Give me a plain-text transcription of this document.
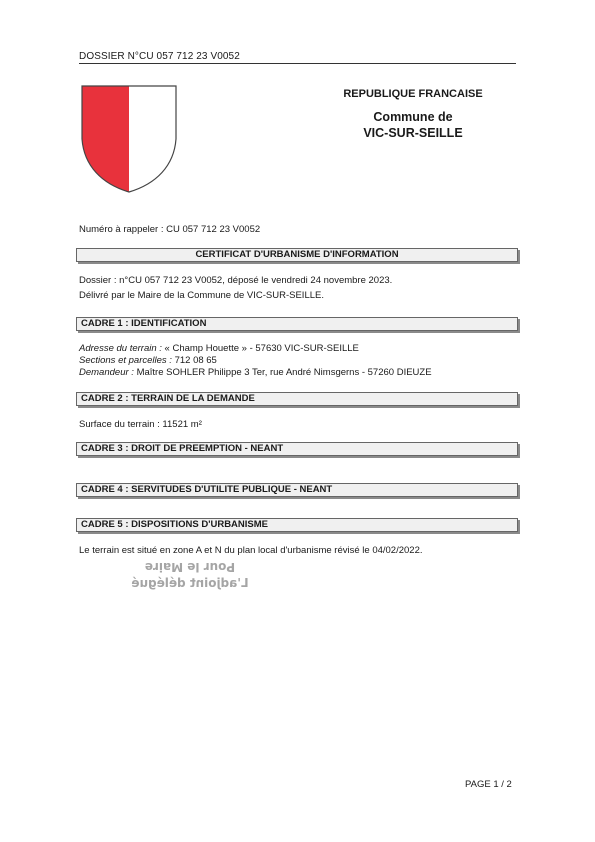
DOSSIER N°CU 057 712 23 V0052
REPUBLIQUE FRANCAISE
Commune de
VIC-SUR-SEILLE
Numéro à rappeler : CU 057 712 23 V0052
CERTIFICAT D'URBANISME D'INFORMATION
Dossier : n°CU 057 712 23 V0052, déposé le vendredi 24 novembre 2023.
Délivré par le Maire de la Commune de VIC-SUR-SEILLE.
CADRE 1 : IDENTIFICATION
Adresse du terrain : « Champ Houette » - 57630 VIC-SUR-SEILLE
Sections et parcelles : 712 08 65
Demandeur : Maître SOHLER Philippe 3 Ter, rue André Nimsgerns - 57260 DIEUZE
CADRE 2 : TERRAIN DE LA DEMANDE
Surface du terrain : 11521 m²
CADRE 3 : DROIT DE PREEMPTION - NEANT
CADRE 4 : SERVITUDES D'UTILITE PUBLIQUE - NEANT
CADRE 5 : DISPOSITIONS D'URBANISME
Le terrain est situé en zone A et N du plan local d'urbanisme révisé le 04/02/2022.
Pour le Maire
L'adjoint délégué
PAGE 1 / 2
